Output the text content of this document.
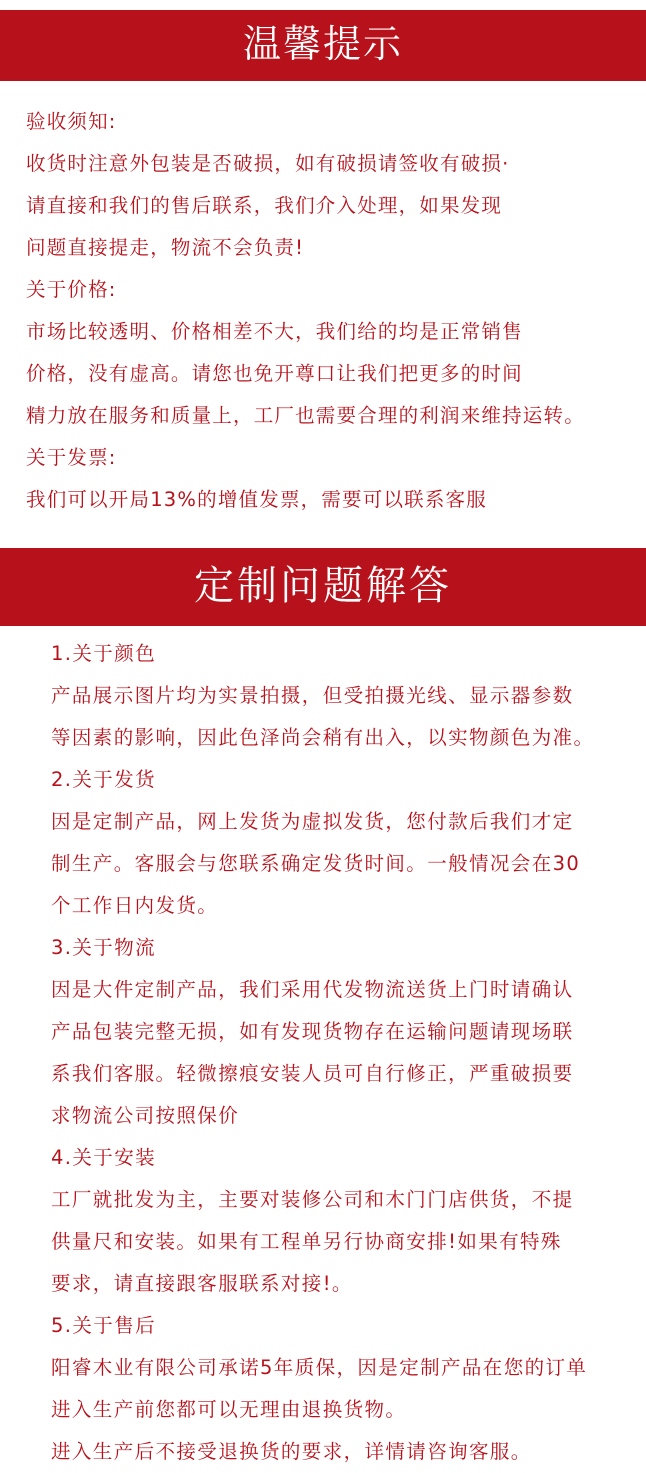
温馨提示
验收须知:
收货时注意外包装是否破损，如有破损请签收有破损·
请直接和我们的售后联系，我们介入处理，如果发现
问题直接提走，物流不会负责!
关于价格:
市场比较透明、价格相差不大，我们给的均是正常销售
价格，没有虚高。请您也免开尊口让我们把更多的时间
精力放在服务和质量上，工厂也需要合理的利润来维持运转。
关于发票:
我们可以开局13%的增值发票，需要可以联系客服
定制问题解答
1.关于颜色
产品展示图片均为实景拍摄，但受拍摄光线、显示器参数
等因素的影响，因此色泽尚会稍有出入，以实物颜色为准。
2.关于发货
因是定制产品，网上发货为虚拟发货，您付款后我们才定
制生产。客服会与您联系确定发货时间。一般情况会在30
个工作日内发货。
3.关于物流
因是大件定制产品，我们采用代发物流送货上门时请确认
产品包装完整无损，如有发现货物存在运输问题请现场联
系我们客服。轻微擦痕安装人员可自行修正，严重破损要
求物流公司按照保价
4.关于安装
工厂就批发为主，主要对装修公司和木门门店供货，不提
供量尺和安装。如果有工程单另行协商安排!如果有特殊
要求，请直接跟客服联系对接!。
5.关于售后
阳睿木业有限公司承诺5年质保，因是定制产品在您的订单
进入生产前您都可以无理由退换货物。
进入生产后不接受退换货的要求，详情请咨询客服。
